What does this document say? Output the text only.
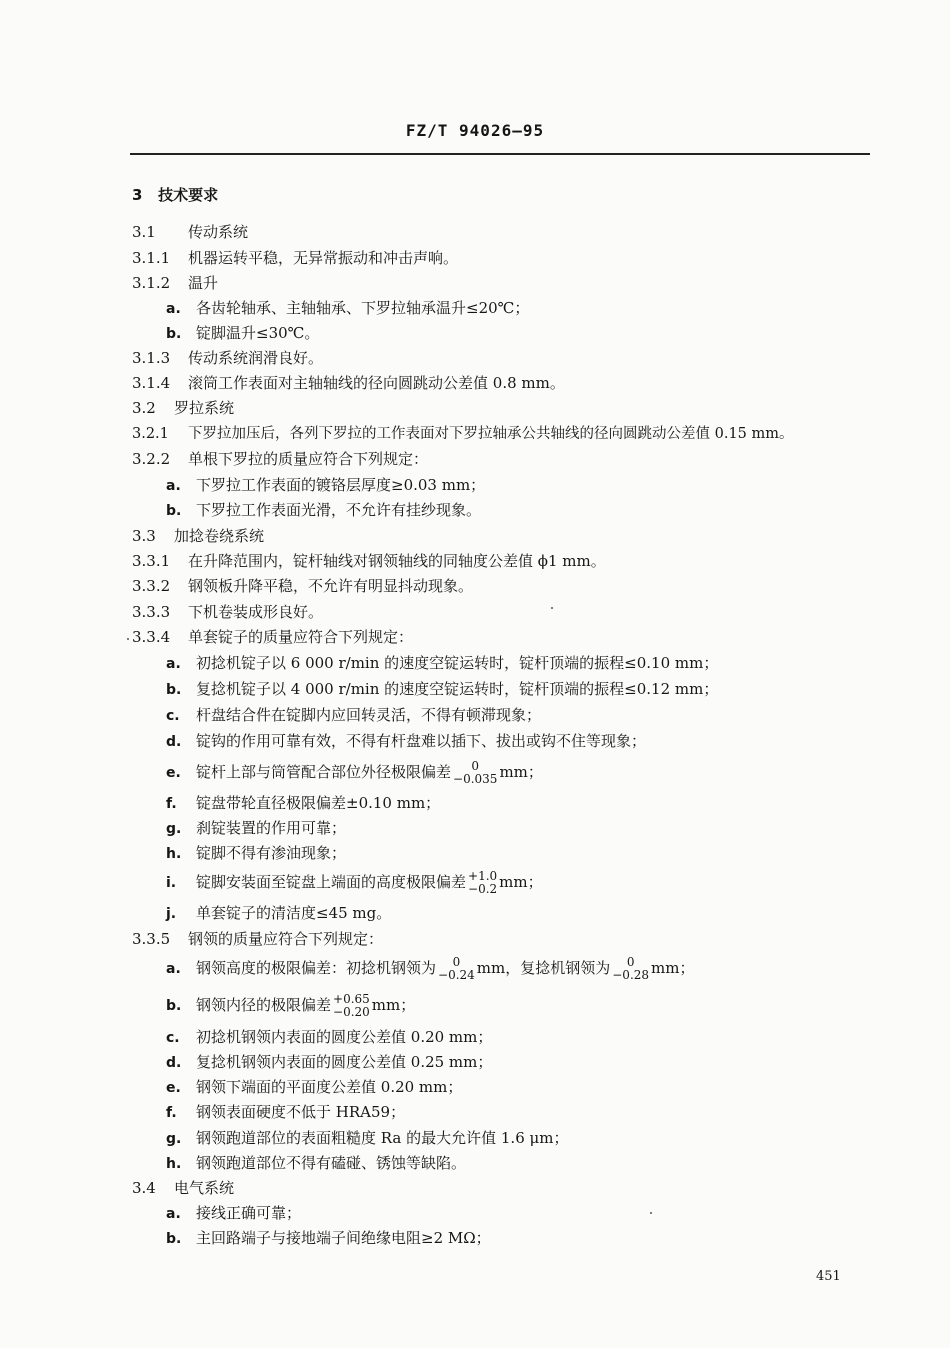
FZ/T 94026—95
3 技术要求
3.1 传动系统
3.1.1 机器运转平稳，无异常振动和冲击声响。
3.1.2 温升
a. 各齿轮轴承、主轴轴承、下罗拉轴承温升≤20℃；
b. 锭脚温升≤30℃。
3.1.3 传动系统润滑良好。
3.1.4 滚筒工作表面对主轴轴线的径向圆跳动公差值 0.8 mm。
3.2 罗拉系统
3.2.1 下罗拉加压后，各列下罗拉的工作表面对下罗拉轴承公共轴线的径向圆跳动公差值 0.15 mm。
3.2.2 单根下罗拉的质量应符合下列规定：
a. 下罗拉工作表面的镀铬层厚度≥0.03 mm；
b. 下罗拉工作表面光滑，不允许有挂纱现象。
3.3 加捻卷绕系统
3.3.1 在升降范围内，锭杆轴线对钢领轴线的同轴度公差值 ϕ1 mm。
3.3.2 钢领板升降平稳，不允许有明显抖动现象。
3.3.3 下机卷装成形良好。
3.3.4 单套锭子的质量应符合下列规定：
a. 初捻机锭子以 6 000 r/min 的速度空锭运转时，锭杆顶端的振程≤0.10 mm；
b. 复捻机锭子以 4 000 r/min 的速度空锭运转时，锭杆顶端的振程≤0.12 mm；
c. 杆盘结合件在锭脚内应回转灵活，不得有顿滞现象；
d. 锭钩的作用可靠有效，不得有杆盘难以插下、拔出或钩不住等现象；
e. 锭杆上部与筒管配合部位外径极限偏差	0
−0.035 mm；
f. 锭盘带轮直径极限偏差±0.10 mm；
g. 刹锭装置的作用可靠；
h. 锭脚不得有渗油现象；
i. 锭脚安装面至锭盘上端面的高度极限偏差 +1.0
−0.2 mm；
j. 单套锭子的清洁度≤45 mg。
3.3.5 钢领的质量应符合下列规定：
a. 钢领高度的极限偏差：初捻机钢领为	0
−0.24 mm，复捻机钢领为	0
−0.28 mm；
b. 钢领内径的极限偏差 +0.65
−0.20 mm；
c. 初捻机钢领内表面的圆度公差值 0.20 mm；
d. 复捻机钢领内表面的圆度公差值 0.25 mm；
e. 钢领下端面的平面度公差值 0.20 mm；
f. 钢领表面硬度不低于 HRA59；
g. 钢领跑道部位的表面粗糙度 Ra 的最大允许值 1.6 μm；
h. 钢领跑道部位不得有磕碰、锈蚀等缺陷。
3.4 电气系统
a. 接线正确可靠；
b. 主回路端子与接地端子间绝缘电阻≥2 MΩ；
451
